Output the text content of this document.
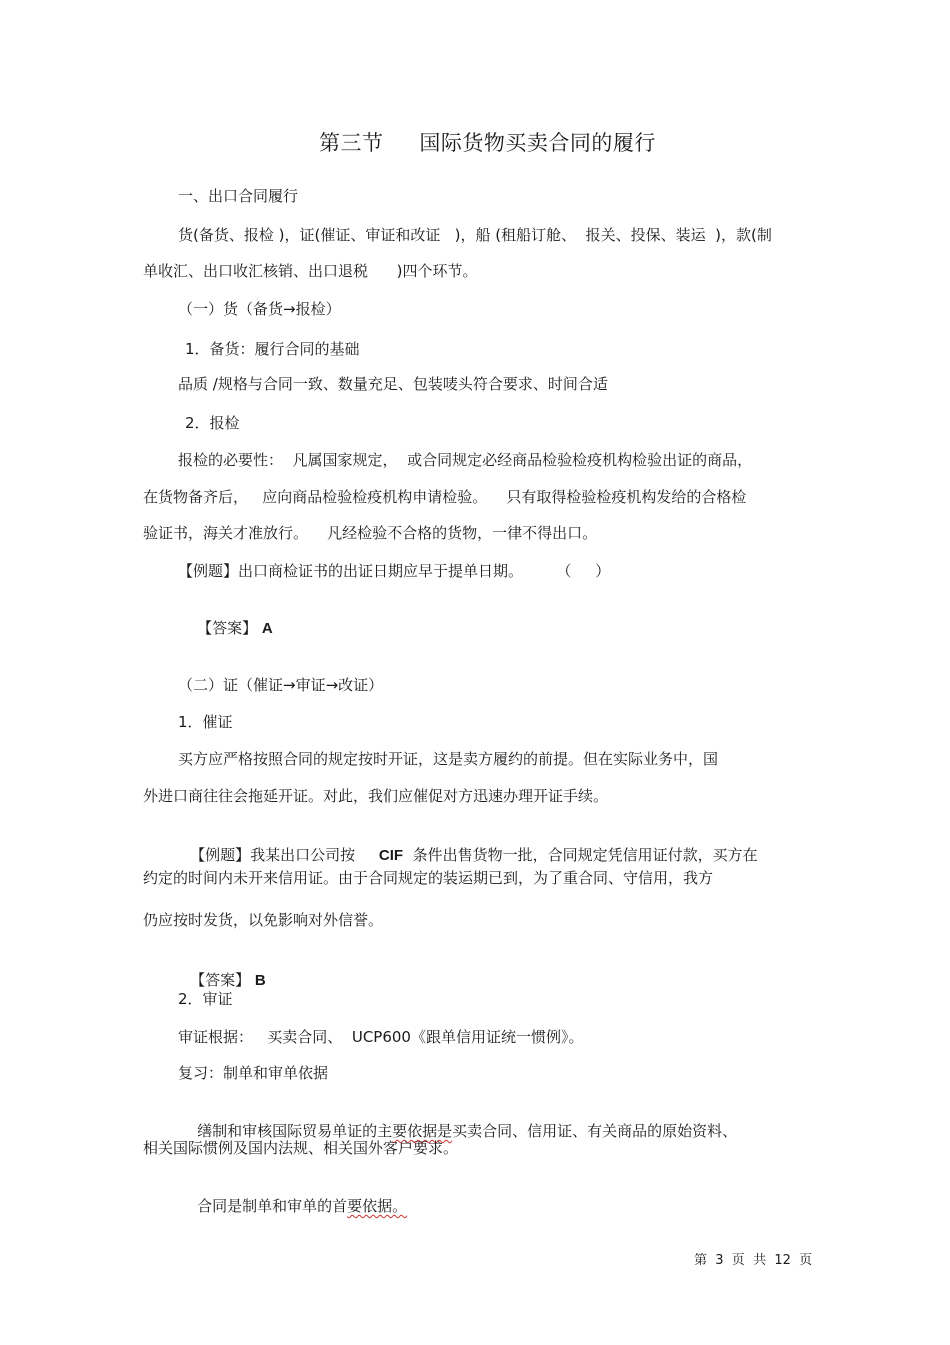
第三节     国际货物买卖合同的履行
一、出口合同履行
货(备货、报检 )，证(催证、审证和改证   )，船 (租船订舱、  报关、投保、装运  )，款(制
单收汇、出口收汇核销、出口退税      )四个环节。
（一）货（备货→报检）
1．备货：履行合同的基础
品质 /规格与合同一致、数量充足、包装唛头符合要求、时间合适
2．报检
报检的必要性：  凡属国家规定，  或合同规定必经商品检验检疫机构检验出证的商品，
在货物备齐后，   应向商品检验检疫机构申请检验。    只有取得检验检疫机构发给的合格检
验证书，海关才准放行。    凡经检验不合格的货物，一律不得出口。
【例题】出口商检证书的出证日期应早于提单日期。       （     ）

【答案】 A

（二）证（催证→审证→改证）
1．催证
买方应严格按照合同的规定按时开证，这是卖方履约的前提。但在实际业务中，国
外进口商往往会拖延开证。对此，我们应催促对方迅速办理开证手续。

【例题】我某出口公司按     CIF  条件出售货物一批，合同规定凭信用证付款，买方在

约定的时间内未开来信用证。由于合同规定的装运期已到，为了重合同、守信用，我方
仍应按时发货，以免影响对外信誉。

【答案】 B

2．审证
审证根据：   买卖合同、  UCP600《跟单信用证统一惯例》。
复习：制单和审单依据

缮制和审核国际贸易单证的主要依据是买卖合同、信用证、有关商品的原始资料、

相关国际惯例及国内法规、相关国外客户要求。

合同是制单和审单的首要依据。

第  3  页  共  12  页
